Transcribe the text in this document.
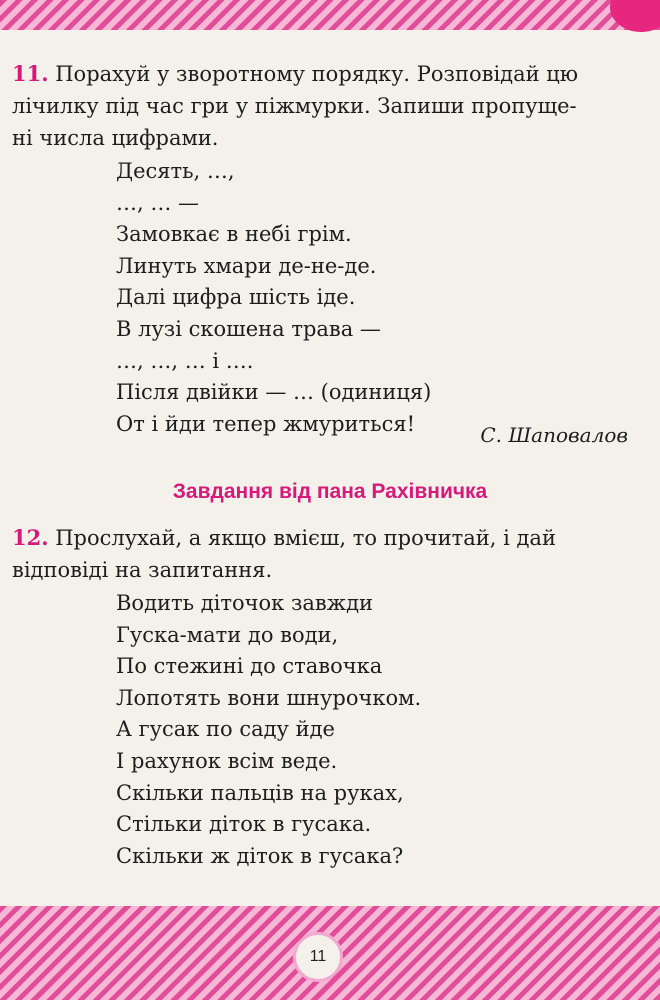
11. Порахуй у зворотному порядку. Розповідай цю
лічилку під час гри у піжмурки. Запиши пропуще-
ні числа цифрами.
Десять, …,
…, … —
Замовкає в небі грім.
Линуть хмари де-не-де.
Далі цифра шість іде.
В лузі скошена трава —
…, …, … і ….
Після двійки — … (одиниця)
От і йди тепер жмуриться!	С. Шаповалов
Завдання від пана Рахівничка
12. Прослухай, а якщо вмієш, то прочитай, і дай
відповіді на запитання.
Водить діточок завжди
Гуска-мати до води,
По стежині до ставочка
Лопотять вони шнурочком.
А гусак по саду йде
І рахунок всім веде.
Скільки пальців на руках,
Стільки діток в гусака.
Скільки ж діток в гусака?
11
